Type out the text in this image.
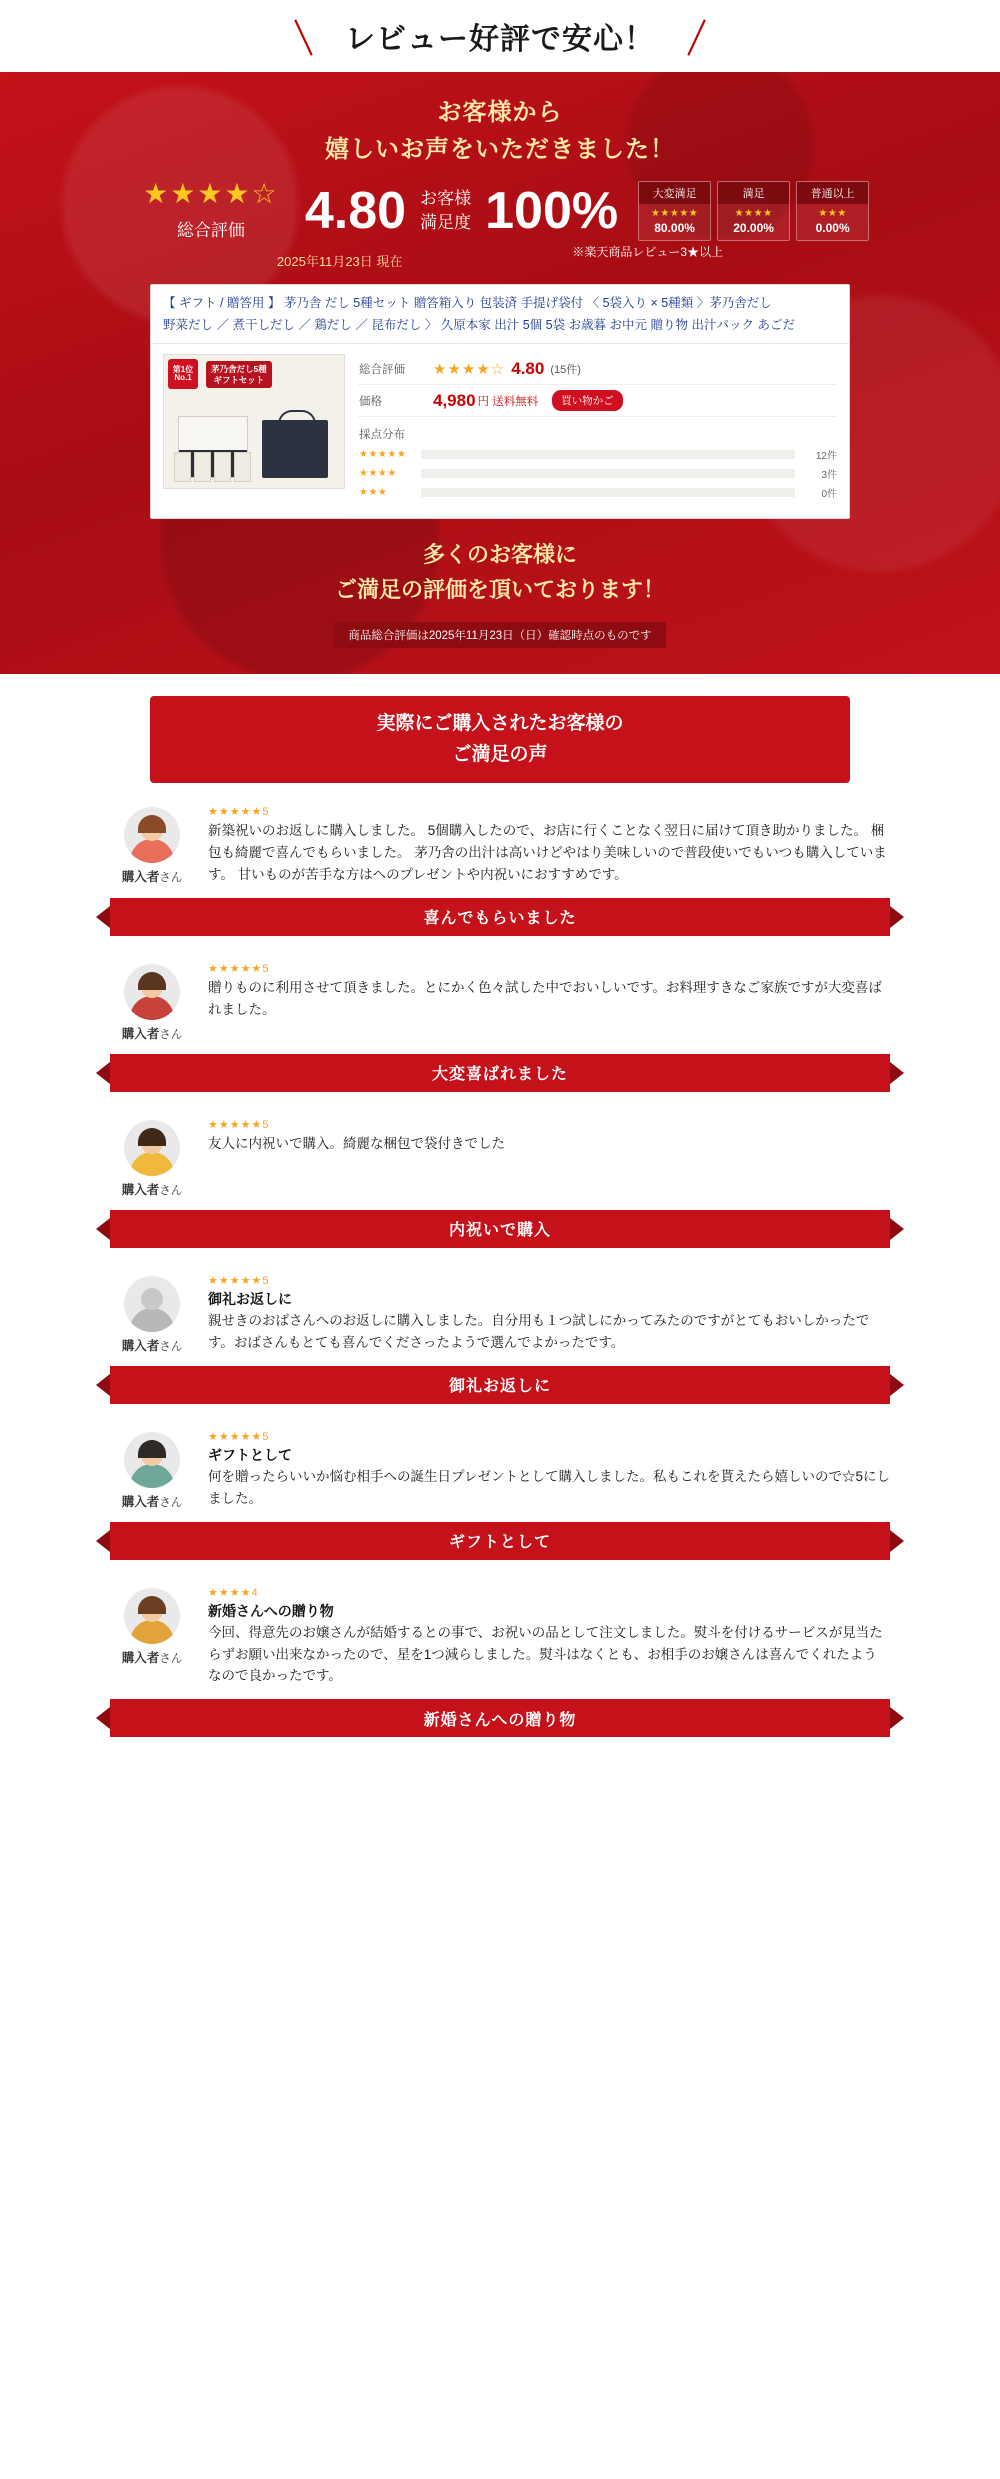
＼ レビュー好評で安心！ ／
お客様から
嬉しいお声をいただきました！
★★★★☆
総合評価	4.80 お客様
満足度 100%	大変満足
★★★★★
80.00%
満足
★★★★
20.00%
普通以上
★★★
0.00%
2025年11月23日 現在
※楽天商品レビュー3★以上
【 ギフト / 贈答用 】 茅乃舎 だし 5種セット 贈答箱入り 包装済 手提げ袋付 〈 5袋入り × 5種類 〉茅乃舎だし
野菜だし ／ 煮干しだし ／ 鶏だし ／ 昆布だし 〉 久原本家 出汁 5個 5袋 お歳暮 お中元 贈り物 出汁パック あごだ
第1位
No.1
茅乃舎だし5種
ギフトセット
総合評価	★★★★☆ 4.80 (15件)
価格	4,980 円 送料無料	買い物かご
採点分布
★★★★★	12件
★★★★	3件
★★★	0件
多くのお客様に
ご満足の評価を頂いております！
商品総合評価は2025年11月23日（日）確認時点のものです
実際にご購入されたお客様の
ご満足の声
購入者さん
★★★★★5
新築祝いのお返しに購入しました。 5個購入したので、お店に行くことなく翌日に届けて頂き助かりました。 梱包も綺麗で喜んでもらいました。 茅乃舎の出汁は高いけどやはり美味しいので普段使いでもいつも購入しています。 甘いものが苦手な方はへのプレゼントや内祝いにおすすめです。
喜んでもらいました
購入者さん
★★★★★5
贈りものに利用させて頂きました。とにかく色々試した中でおいしいです。お料理すきなご家族ですが大変喜ばれました。
大変喜ばれました
購入者さん
★★★★★5
友人に内祝いで購入。綺麗な梱包で袋付きでした
内祝いで購入
購入者さん
★★★★★5
御礼お返しに
親せきのおばさんへのお返しに購入しました。自分用も１つ試しにかってみたのですがとてもおいしかったです。おばさんもとても喜んでくださったようで選んでよかったです。
御礼お返しに
購入者さん
★★★★★5
ギフトとして
何を贈ったらいいか悩む相手への誕生日プレゼントとして購入しました。私もこれを貰えたら嬉しいので☆5にしました。
ギフトとして
購入者さん
★★★★4
新婚さんへの贈り物
今回、得意先のお嬢さんが結婚するとの事で、お祝いの品として注文しました。熨斗を付けるサービスが見当たらずお願い出来なかったので、星を1つ減らしました。熨斗はなくとも、お相手のお嬢さんは喜んでくれたようなので良かったです。
新婚さんへの贈り物
